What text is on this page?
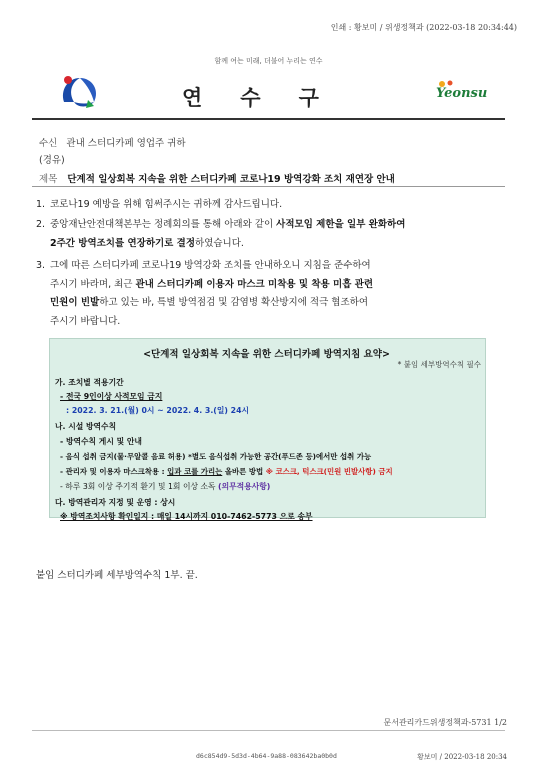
인쇄 : 황보미 / 위생정책과 (2022-03-18 20:34:44)
함께 여는 미래, 더불어 누리는 연수
연수구	Yeonsu
수신 관내 스터디카페 영업주 귀하
(경유)
제목 단계적 일상회복 지속을 위한 스터디카페 코로나19 방역강화 조치 재연장 안내
1. 코로나19 예방을 위해 힘써주시는 귀하께 감사드립니다.
2. 중앙재난안전대책본부는 정례회의를 통해 아래와 같이 사적모임 제한을 일부 완화하여
2주간 방역조치를 연장하기로 결정하였습니다.
3. 그에 따른 스터디카페 코로나19 방역강화 조치를 안내하오니 지침을 준수하여
주시기 바라며, 최근 관내 스터디카페 이용자 마스크 미착용 및 착용 미흡 관련
민원이 빈발하고 있는 바, 특별 방역점검 및 감염병 확산방지에 적극 협조하여
주시기 바랍니다.
<단계적 일상회복 지속을 위한 스터디카페 방역지침 요약>
* 붙임 세부방역수칙 필수
가. 조치별 적용기간
- 전국 9인이상 사적모임 금지
: 2022. 3. 21.(월) 0시 ~ 2022. 4. 3.(일) 24시
나. 시설 방역수칙
- 방역수칙 게시 및 안내
- 음식 섭취 금지(물·무알콜 음료 허용) *별도 음식섭취 가능한 공간(푸드존 등)에서만 섭취 가능
- 관리자 및 이용자 마스크착용 : 입과 코를 가리는 올바른 방법 ※ 코스크, 턱스크(민원 빈발사항) 금지
- 하루 3회 이상 주기적 환기 및 1회 이상 소독 (의무적용사항)
다. 방역관리자 지정 및 운영 : 상시
※ 방역조치사항 확인일지 : 매일 14시까지 010-7462-5773 으로 송부
붙임 스터디카페 세부방역수칙 1부. 끝.
문서관리카드위생정책과-5731 1/2
d6c854d9-5d3d-4b64-9a88-083642ba0b0d	황보미 / 2022-03-18 20:34
